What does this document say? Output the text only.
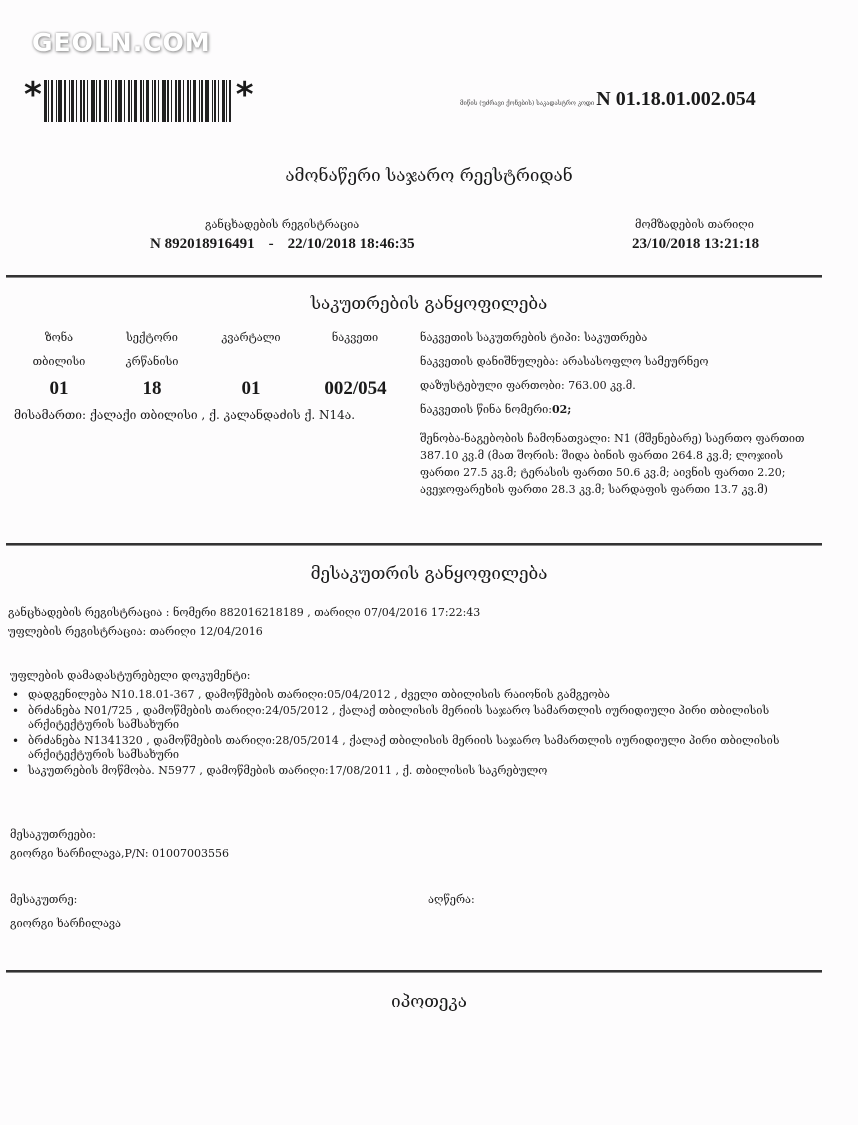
GEOLN.COM
*	*	მიწის (უძრავი ქონების) საკადასტრო კოდი N 01.18.01.002.054
ამონაწერი საჯარო რეესტრიდან
განცხადების რეგისტრაცია
N 892018916491 - 22/10/2018 18:46:35
მომზადების თარიღი
23/10/2018 13:21:18
საკუთრების განყოფილება
ზონა
თბილისი
01
სექტორი
კრწანისი
18
კვარტალი
01
ნაკვეთი
002/054
მისამართი: ქალაქი თბილისი , ქ. კალანდაძის ქ. N14ა.
ნაკვეთის საკუთრების ტიპი: საკუთრება
ნაკვეთის დანიშნულება: არასასოფლო სამეურნეო
დაზუსტებული ფართობი: 763.00 კვ.მ.
ნაკვეთის წინა ნომერი:02;
შენობა-ნაგებობის ჩამონათვალი: N1 (მშენებარე) საერთო ფართით 387.10 კვ.მ (მათ შორის: შიდა ბინის ფართი 264.8 კვ.მ; ლოჯიის ფართი 27.5 კვ.მ; ტერასის ფართი 50.6 კვ.მ; აივნის ფართი 2.20; ავეჯოფარეხის ფართი 28.3 კვ.მ; სარდაფის ფართი 13.7 კვ.მ)
მესაკუთრის განყოფილება
განცხადების რეგისტრაცია : ნომერი 882016218189 , თარიღი 07/04/2016 17:22:43
უფლების რეგისტრაცია: თარიღი 12/04/2016
უფლების დამადასტურებელი დოკუმენტი:
• დადგენილება N10.18.01-367 , დამოწმების თარიღი:05/04/2012 , ძველი თბილისის რაიონის გამგეობა
• ბრძანება N01/725 , დამოწმების თარიღი:24/05/2012 , ქალაქ თბილისის მერიის საჯარო სამართლის იურიდიული პირი თბილისის არქიტექტურის სამსახური
• ბრძანება N1341320 , დამოწმების თარიღი:28/05/2014 , ქალაქ თბილისის მერიის საჯარო სამართლის იურიდიული პირი თბილისის არქიტექტურის სამსახური
• საკუთრების მოწმობა. N5977 , დამოწმების თარიღი:17/08/2011 , ქ. თბილისის საკრებულო
მესაკუთრეები:
გიორგი ხარჩილავა,P/N: 01007003556
მესაკუთრე:
გიორგი ხარჩილავა
აღწერა:
იპოთეკა
